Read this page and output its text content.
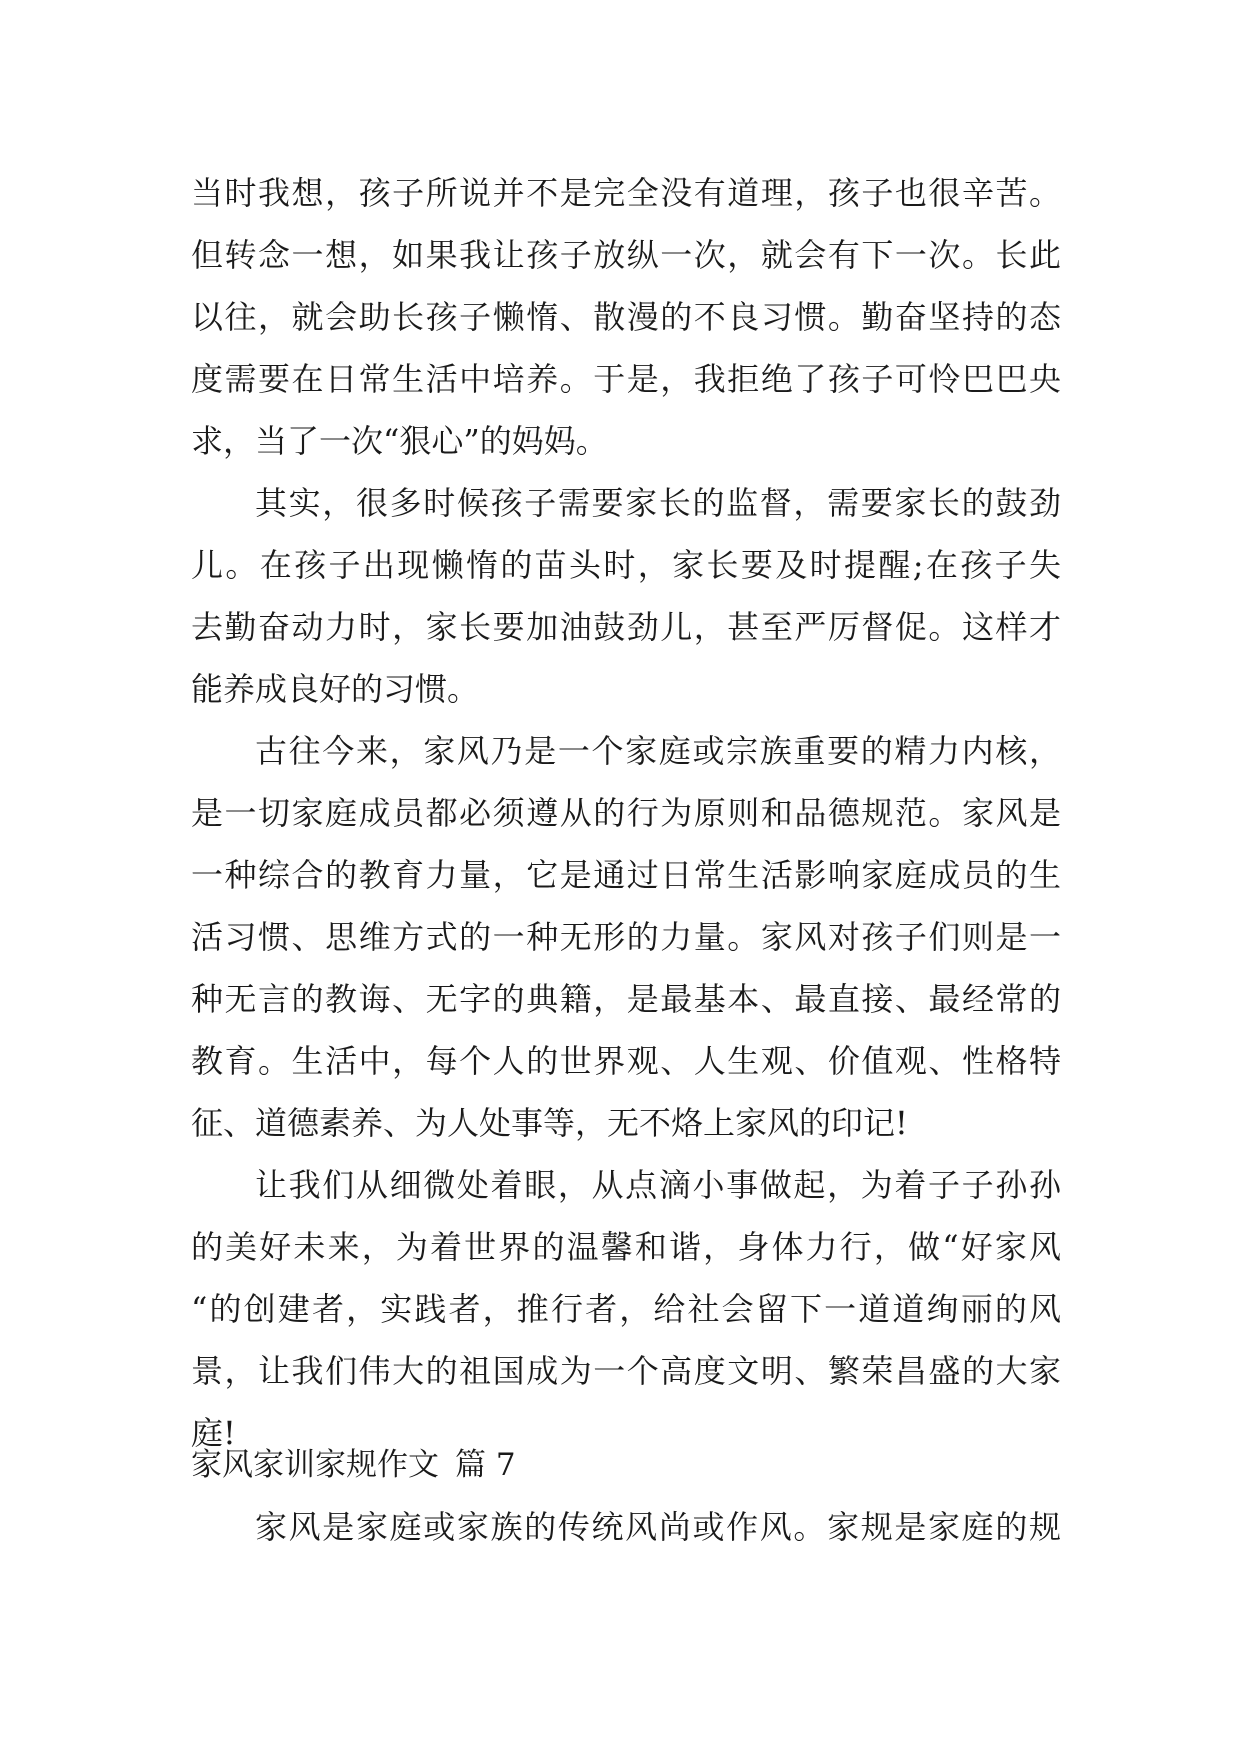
当时我想，孩子所说并不是完全没有道理，孩子也很辛苦。
但转念一想，如果我让孩子放纵一次，就会有下一次。长此
以往，就会助长孩子懒惰、散漫的不良习惯。勤奋坚持的态
度需要在日常生活中培养。于是，我拒绝了孩子可怜巴巴央
求，当了一次“狠心”的妈妈。
其实，很多时候孩子需要家长的监督，需要家长的鼓劲
儿。在孩子出现懒惰的苗头时，家长要及时提醒;在孩子失
去勤奋动力时，家长要加油鼓劲儿，甚至严厉督促。这样才
能养成良好的习惯。
古往今来，家风乃是一个家庭或宗族重要的精力内核，
是一切家庭成员都必须遵从的行为原则和品德规范。家风是
一种综合的教育力量，它是通过日常生活影响家庭成员的生
活习惯、思维方式的一种无形的力量。家风对孩子们则是一
种无言的教诲、无字的典籍，是最基本、最直接、最经常的
教育。生活中，每个人的世界观、人生观、价值观、性格特
征、道德素养、为人处事等，无不烙上家风的印记!
让我们从细微处着眼，从点滴小事做起，为着子子孙孙
的美好未来，为着世界的温馨和谐，身体力行，做“好家风
“的创建者，实践者，推行者，给社会留下一道道绚丽的风
景，让我们伟大的祖国成为一个高度文明、繁荣昌盛的大家
庭!
家风家训家规作文 篇 7
家风是家庭或家族的传统风尚或作风。家规是家庭的规
